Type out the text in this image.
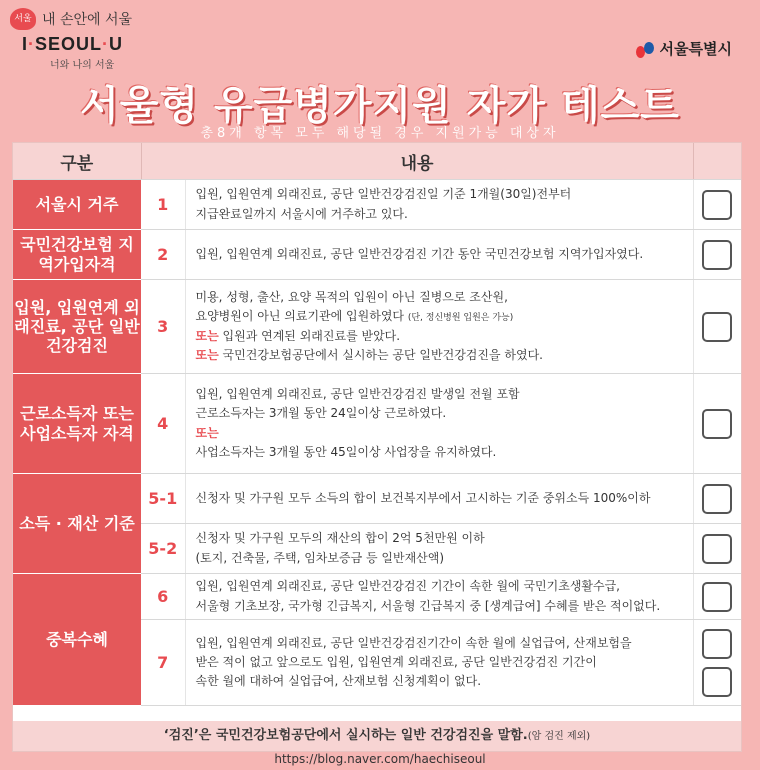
서울 내 손안에 서울
I·SEOUL·U
너와 나의 서울
서울특별시
서울형 유급병가지원 자가 테스트
총8개 항목 모두 해당될 경우 지원가능 대상자
구분	내용		
서울시 거주	1	입원, 입원연계 외래진료, 공단 일반건강검진일 기준 1개월(30일)전부터
지급완료일까지 서울시에 거주하고 있다.	

국민건강보험 지역가입자격	2	입원, 입원연계 외래진료, 공단 일반건강검진 기간 동안 국민건강보험 지역가입자였다.	

입원, 입원연계 외래진료, 공단 일반건강검진	3	미용, 성형, 출산, 요양 목적의 입원이 아닌 질병으로 조산원,
요양병원이 아닌 의료기관에 입원하였다 (단, 정신병원 입원은 가능)
또는 입원과 연계된 외래진료를 받았다.
또는 국민건강보험공단에서 실시하는 공단 일반건강검진을 하였다.	

근로소득자 또는 사업소득자 자격	4	입원, 입원연계 외래진료, 공단 일반건강검진 발생일 전월 포함
근로소득자는 3개월 동안 24일이상 근로하였다.
또는
사업소득자는 3개월 동안 45일이상 사업장을 유지하였다.	

소득 · 재산 기준	5-1	신청자 및 가구원 모두 소득의 합이 보건복지부에서 고시하는 기준 중위소득 100%이하	

	5-2	신청자 및 가구원 모두의 재산의 합이 2억 5천만원 이하
(토지, 건축물, 주택, 임차보증금 등 일반재산액)	

중복수혜	6	입원, 입원연계 외래진료, 공단 일반건강검진 기간이 속한 월에 국민기초생활수급,
서울형 기초보장, 국가형 긴급복지, 서울형 긴급복지 중 [생계급여] 수혜를 받은 적이없다.	

	7	입원, 입원연계 외래진료, 공단 일반건강검진기간이 속한 월에 실업급여, 산재보험을
받은 적이 없고 앞으로도 입원, 입원연계 외래진료, 공단 일반건강검진 기간이
속한 월에 대하여 실업급여, 산재보험 신청계획이 없다.	

‘검진’은 국민건강보험공단에서 실시하는 일반 건강검진을 말함.(암 검진 제외)
https://blog.naver.com/haechiseoul
